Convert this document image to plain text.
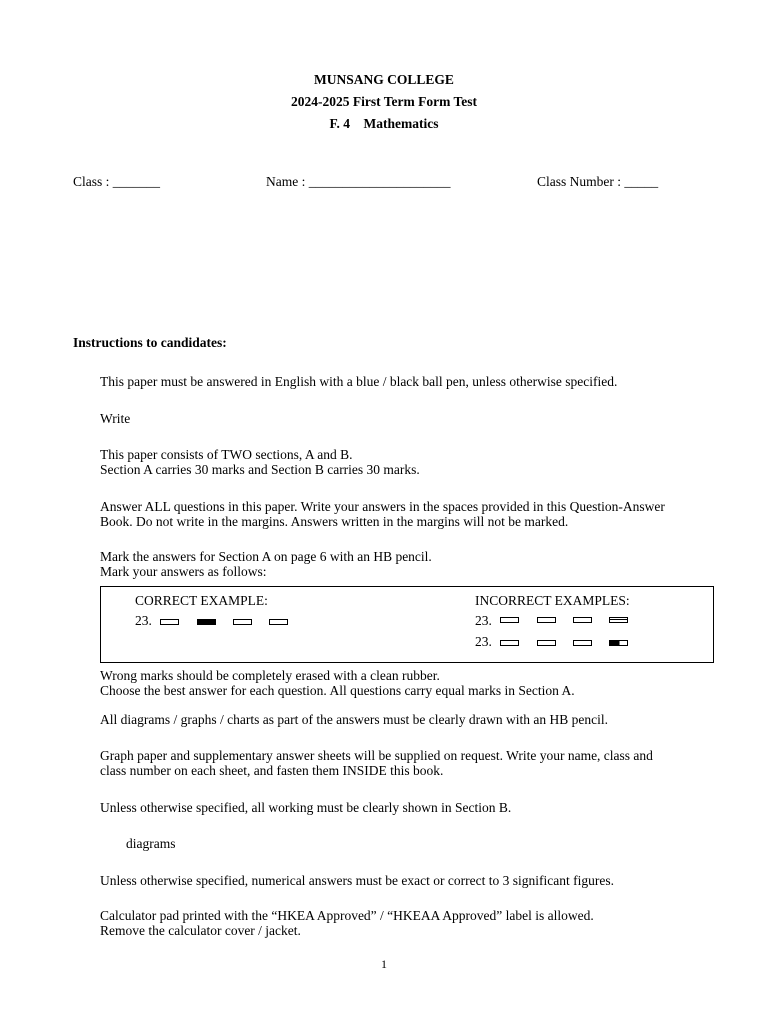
MUNSANG COLLEGE
2024-2025 First Term Form Test
F. 4 Mathematics
Class : _______	Name : _____________________	Class Number : _____
Instructions to candidates:
This paper must be answered in English with a blue / black ball pen, unless otherwise specified.
Write
This paper consists of TWO sections, A and B.
Section A carries 30 marks and Section B carries 30 marks.
Answer ALL questions in this paper. Write your answers in the spaces provided in this Question-Answer
Book. Do not write in the margins. Answers written in the margins will not be marked.
Mark the answers for Section A on page 6 with an HB pencil.
Mark your answers as follows:
CORRECT EXAMPLE:	INCORRECT EXAMPLES:
23.	23.
23.
Wrong marks should be completely erased with a clean rubber.
Choose the best answer for each question. All questions carry equal marks in Section A.
All diagrams / graphs / charts as part of the answers must be clearly drawn with an HB pencil.
Graph paper and supplementary answer sheets will be supplied on request. Write your name, class and
class number on each sheet, and fasten them INSIDE this book.
Unless otherwise specified, all working must be clearly shown in Section B.
diagrams
Unless otherwise specified, numerical answers must be exact or correct to 3 significant figures.
Calculator pad printed with the “HKEA Approved” / “HKEAA Approved” label is allowed.
Remove the calculator cover / jacket.
1
